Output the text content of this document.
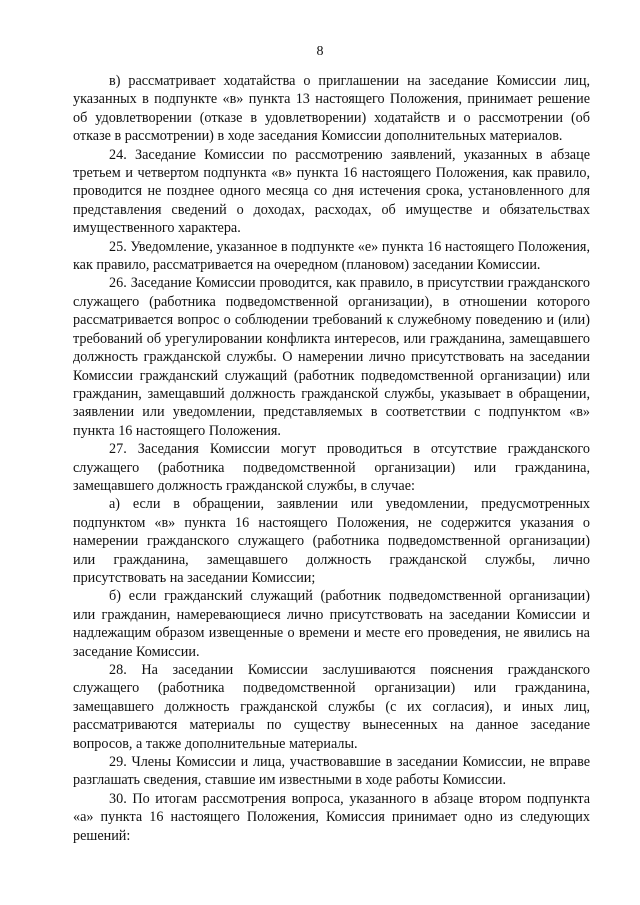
8

в) рассматривает ходатайства о приглашении на заседание Комиссии лиц, указанных в подпункте «в» пункта 13 настоящего Положения, принимает решение об удовлетворении (отказе в удовлетворении) ходатайств и о рассмотрении (об отказе в рассмотрении) в ходе заседания Комиссии дополнительных материалов.

24. Заседание Комиссии по рассмотрению заявлений, указанных в абзаце третьем и четвертом подпункта «в» пункта 16 настоящего Положения, как правило, проводится не позднее одного месяца со дня истечения срока, установленного для представления сведений о доходах, расходах, об имуществе и обязательствах имущественного характера.

25. Уведомление, указанное в подпункте «е» пункта 16 настоящего Положения, как правило, рассматривается на очередном (плановом) заседании Комиссии.

26. Заседание Комиссии проводится, как правило, в присутствии гражданского служащего (работника подведомственной организации), в отношении которого рассматривается вопрос о соблюдении требований к служебному поведению и (или) требований об урегулировании конфликта интересов, или гражданина, замещавшего должность гражданской службы. О намерении лично присутствовать на заседании Комиссии гражданский служащий (работник подведомственной организации) или гражданин, замещавший должность гражданской службы, указывает в обращении, заявлении или уведомлении, представляемых в соответствии с подпунктом «в» пункта 16 настоящего Положения.

27. Заседания Комиссии могут проводиться в отсутствие гражданского служащего (работника подведомственной организации) или гражданина, замещавшего должность гражданской службы, в случае:

а) если в обращении, заявлении или уведомлении, предусмотренных подпунктом «в» пункта 16 настоящего Положения, не содержится указания о намерении гражданского служащего (работника подведомственной организации) или гражданина, замещавшего должность гражданской службы, лично присутствовать на заседании Комиссии;

б) если гражданский служащий (работник подведомственной организации) или гражданин, намеревающиеся лично присутствовать на заседании Комиссии и надлежащим образом извещенные о времени и месте его проведения, не явились на заседание Комиссии.

28. На заседании Комиссии заслушиваются пояснения гражданского служащего (работника подведомственной организации) или гражданина, замещавшего должность гражданской службы (с их согласия), и иных лиц, рассматриваются материалы по существу вынесенных на данное заседание вопросов, а также дополнительные материалы.

29. Члены Комиссии и лица, участвовавшие в заседании Комиссии, не вправе разглашать сведения, ставшие им известными в ходе работы Комиссии.

30. По итогам рассмотрения вопроса, указанного в абзаце втором подпункта «а» пункта 16 настоящего Положения, Комиссия принимает одно из следующих решений:
